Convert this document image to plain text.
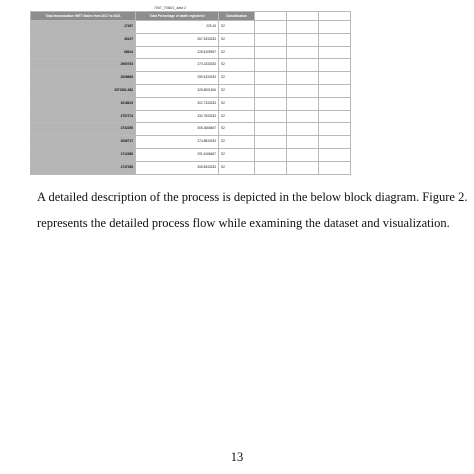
7067_7066/1_data 2
Total Immunization WRT States from 2017 to 2021	Total Percentage of death registered	Classification			
17267	225.15	S2			
46197	267.5333333	S2			
68614	228.5109957	S2			
2960763	270.2333333	S2			
2008669	259.4333333	S2			
2572361.382	325.8001906	S2			
3218613	302.7333333	S2			
2757274	332.7833333	S2			
2732250	308.3666667	S2			
2056717	274.8833333	S2			
1712386	291.6166667	S2			
1747285	308.8333333	S2			

A detailed description of the process is depicted in the below block diagram. Figure 2.
represents the detailed process flow while examining the dataset and visualization.

13
